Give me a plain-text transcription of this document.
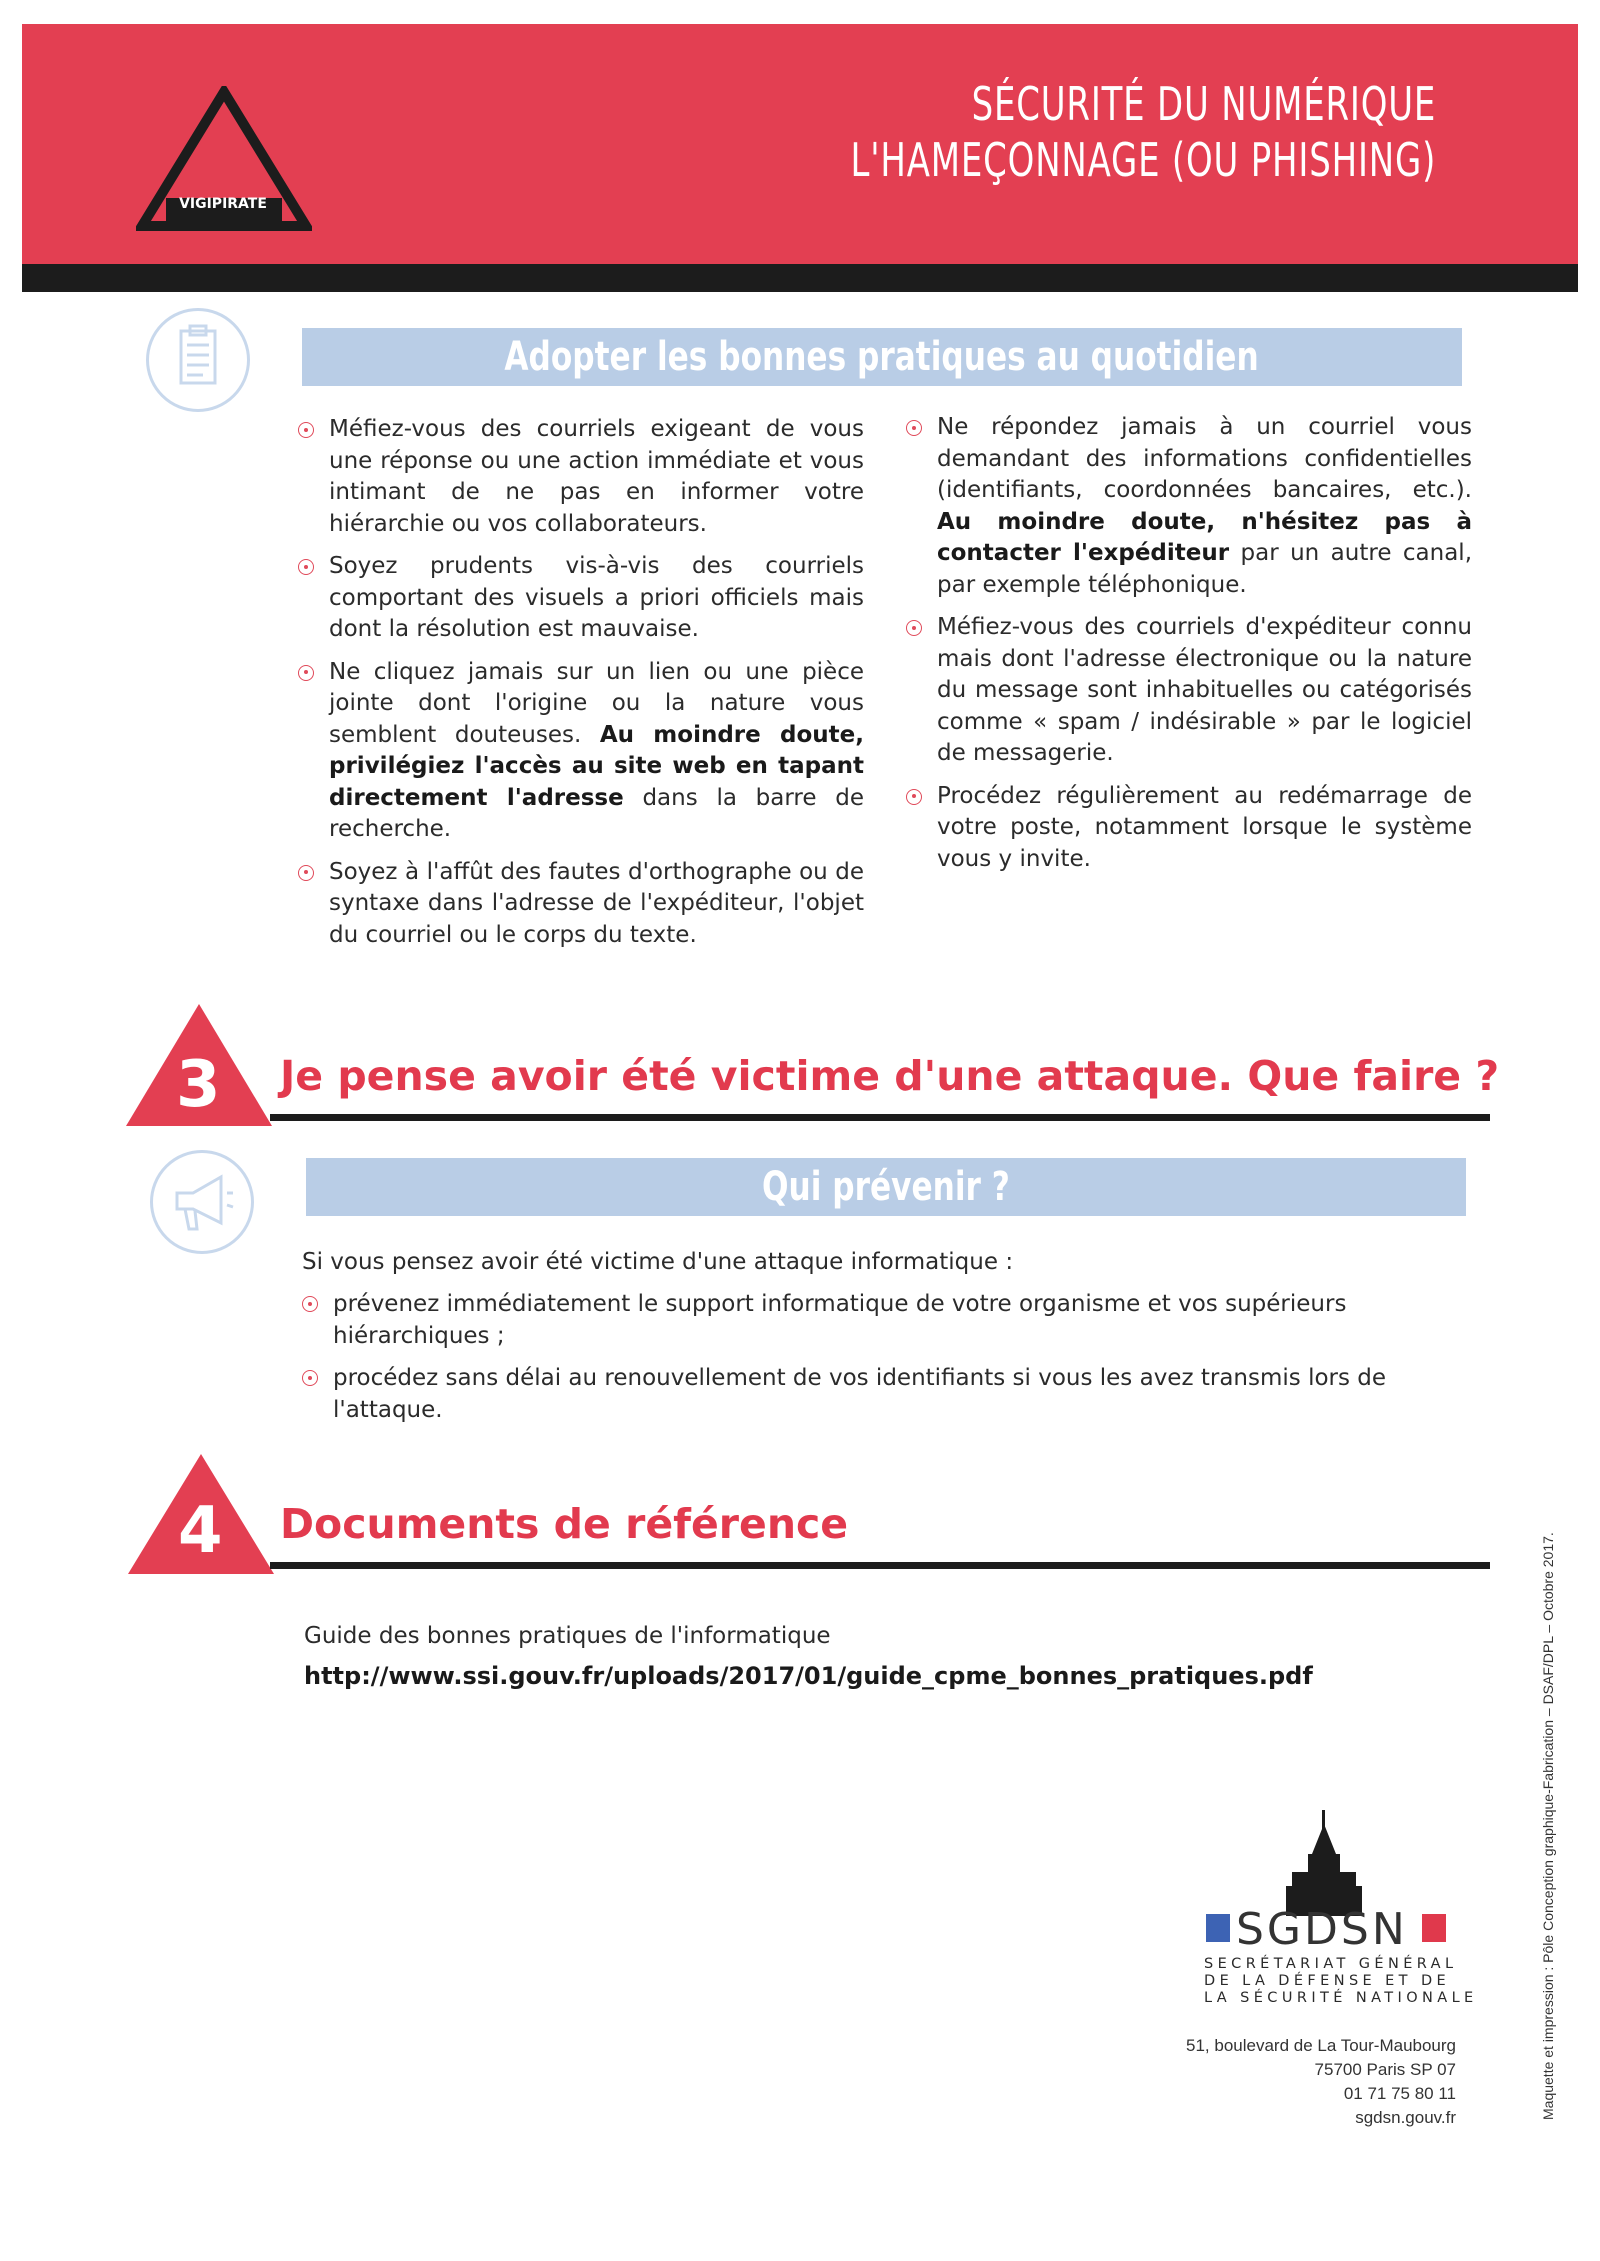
VIGIPIRATE
SÉCURITÉ DU NUMÉRIQUE
L'HAMEÇONNAGE (OU PHISHING)
Adopter les bonnes pratiques au quotidien
Méfiez-vous des courriels exigeant de vous une réponse ou une action immédiate et vous intimant de ne pas en informer votre hiérarchie ou vos collaborateurs.
Soyez prudents vis-à-vis des courriels comportant des visuels a priori officiels mais dont la résolution est mauvaise.
Ne cliquez jamais sur un lien ou une pièce jointe dont l'origine ou la nature vous semblent douteuses. Au moindre doute, privilégiez l'accès au site web en tapant directement l'adresse dans la barre de recherche.
Soyez à l'affût des fautes d'orthographe ou de syntaxe dans l'adresse de l'expéditeur, l'objet du courriel ou le corps du texte.
Ne répondez jamais à un courriel vous demandant des informations confidentielles (identifiants, coordonnées bancaires, etc.). Au moindre doute, n'hésitez pas à contacter l'expéditeur par un autre canal, par exemple téléphonique.
Méfiez-vous des courriels d'expéditeur connu mais dont l'adresse électronique ou la nature du message sont inhabituelles ou catégorisés comme « spam / indésirable » par le logiciel de messagerie.
Procédez régulièrement au redémarrage de votre poste, notamment lorsque le système vous y invite.
3 Je pense avoir été victime d'une attaque. Que faire ?
Qui prévenir ?
Si vous pensez avoir été victime d'une attaque informatique :
prévenez immédiatement le support informatique de votre organisme et vos supérieurs hiérarchiques ;
procédez sans délai au renouvellement de vos identifiants si vous les avez transmis lors de l'attaque.
4 Documents de référence
Guide des bonnes pratiques de l'informatique
http://www.ssi.gouv.fr/uploads/2017/01/guide_cpme_bonnes_pratiques.pdf
SGDSN
SECRÉTARIAT GÉNÉRAL
DE LA DÉFENSE ET DE
LA SÉCURITÉ NATIONALE
51, boulevard de La Tour-Maubourg
75700 Paris SP 07
01 71 75 80 11
sgdsn.gouv.fr	Maquette et impression : Pôle Conception graphique-Fabrication – DSAF/DPL – Octobre 2017.
